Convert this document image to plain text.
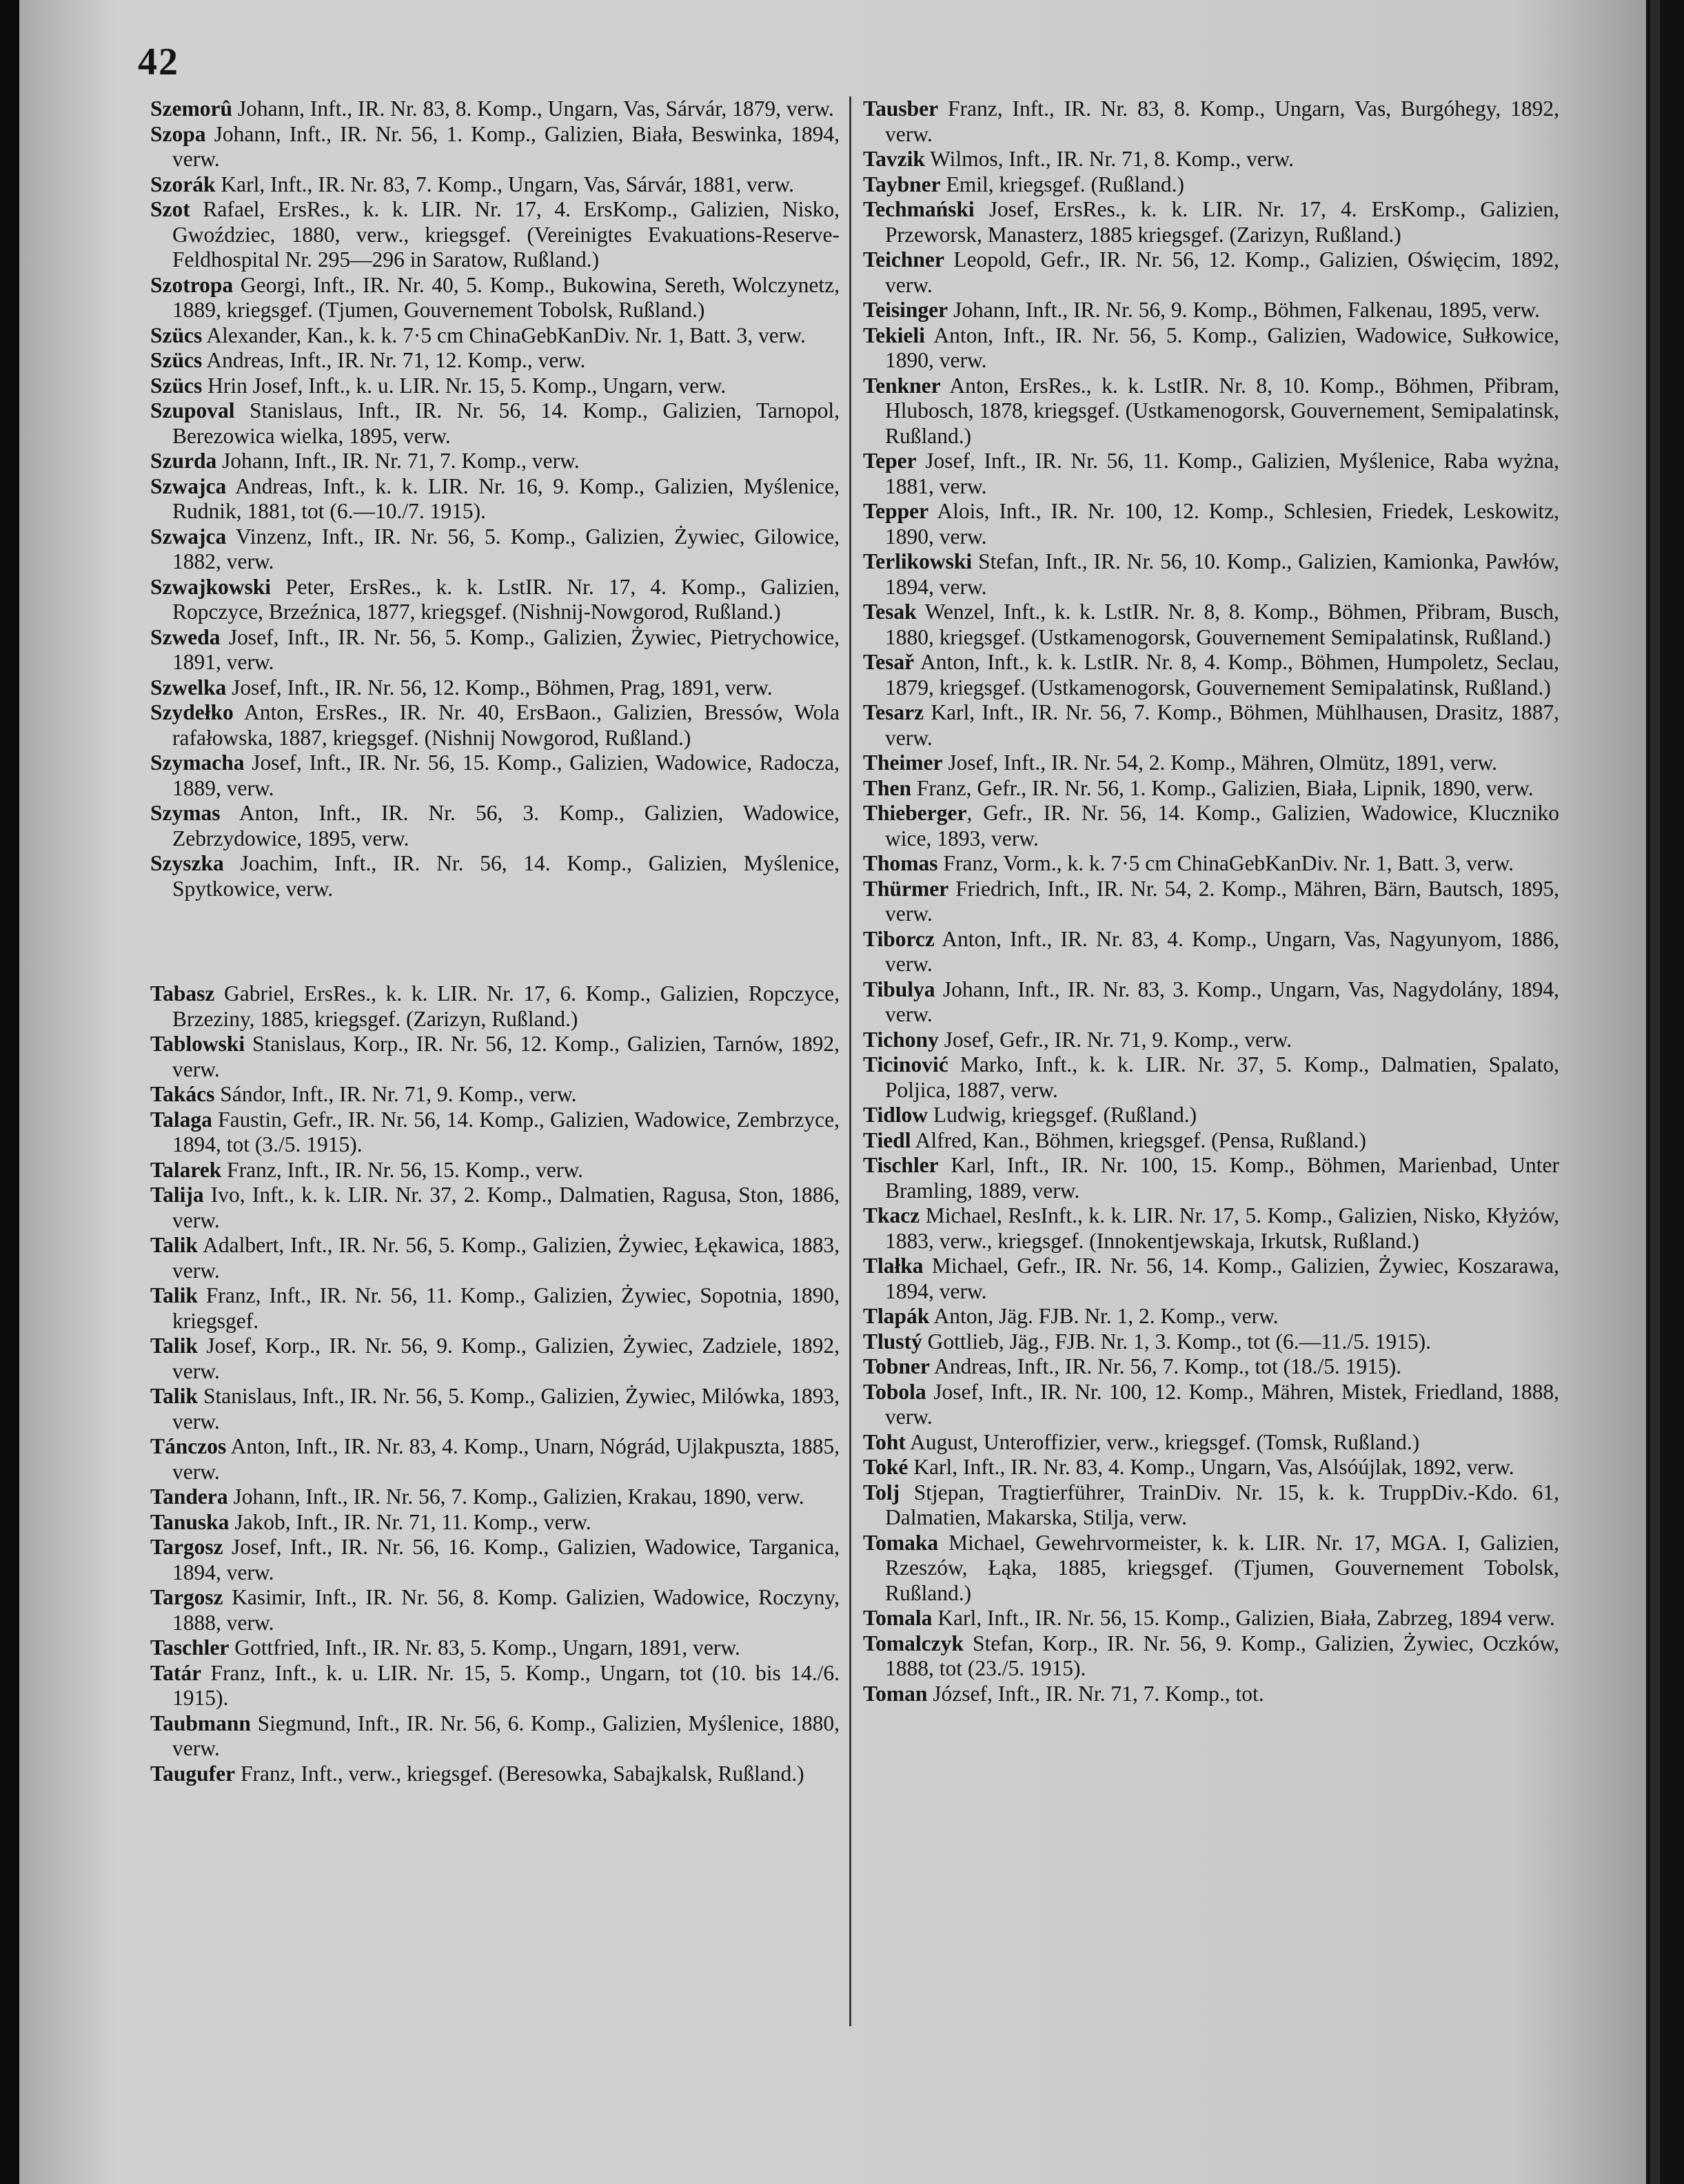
42

Szemorû Johann, Inft., IR. Nr. 83, 8. Komp., Ungarn, Vas, Sárvár, 1879, verw.

Szopa Johann, Inft., IR. Nr. 56, 1. Komp., Galizien, Biała, Beswinka, 1894, verw.

Szorák Karl, Inft., IR. Nr. 83, 7. Komp., Ungarn, Vas, Sárvár, 1881, verw.

Szot Rafael, ErsRes., k. k. LIR. Nr. 17, 4. ErsKomp., Galizien, Nisko, Gwoździec, 1880, verw., kriegsgef. (Vereinigtes Evakuations-Reserve-Feldhospital Nr. 295—296 in Saratow, Rußland.)

Szotropa Georgi, Inft., IR. Nr. 40, 5. Komp., Bukowina, Sereth, Wolczynetz, 1889, kriegsgef. (Tjumen, Gouvernement Tobolsk, Rußland.)

Szücs Alexander, Kan., k. k. 7·5 cm ChinaGebKanDiv. Nr. 1, Batt. 3, verw.

Szücs Andreas, Inft., IR. Nr. 71, 12. Komp., verw.

Szücs Hrin Josef, Inft., k. u. LIR. Nr. 15, 5. Komp., Ungarn, verw.

Szupoval Stanislaus, Inft., IR. Nr. 56, 14. Komp., Galizien, Tarnopol, Berezowica wielka, 1895, verw.

Szurda Johann, Inft., IR. Nr. 71, 7. Komp., verw.

Szwajca Andreas, Inft., k. k. LIR. Nr. 16, 9. Komp., Galizien, Myślenice, Rudnik, 1881, tot (6.—10./7. 1915).

Szwajca Vinzenz, Inft., IR. Nr. 56, 5. Komp., Galizien, Żywiec, Gilowice, 1882, verw.

Szwajkowski Peter, ErsRes., k. k. LstIR. Nr. 17, 4. Komp., Galizien, Ropczyce, Brzeźnica, 1877, kriegsgef. (Nishnij-Nowgorod, Rußland.)

Szweda Josef, Inft., IR. Nr. 56, 5. Komp., Galizien, Żywiec, Pietrychowice, 1891, verw.

Szwelka Josef, Inft., IR. Nr. 56, 12. Komp., Böhmen, Prag, 1891, verw.

Szydełko Anton, ErsRes., IR. Nr. 40, ErsBaon., Galizien, Bressów, Wola rafałowska, 1887, kriegsgef. (Nishnij Nowgorod, Rußland.)

Szymacha Josef, Inft., IR. Nr. 56, 15. Komp., Galizien, Wadowice, Radocza, 1889, verw.

Szymas Anton, Inft., IR. Nr. 56, 3. Komp., Galizien, Wadowice, Zebrzydowice, 1895, verw.

Szyszka Joachim, Inft., IR. Nr. 56, 14. Komp., Galizien, Myślenice, Spytkowice, verw.

Tabasz Gabriel, ErsRes., k. k. LIR. Nr. 17, 6. Komp., Galizien, Ropczyce, Brzeziny, 1885, kriegsgef. (Zarizyn, Rußland.)

Tablowski Stanislaus, Korp., IR. Nr. 56, 12. Komp., Galizien, Tarnów, 1892, verw.

Takács Sándor, Inft., IR. Nr. 71, 9. Komp., verw.

Talaga Faustin, Gefr., IR. Nr. 56, 14. Komp., Galizien, Wadowice, Zembrzyce, 1894, tot (3./5. 1915).

Talarek Franz, Inft., IR. Nr. 56, 15. Komp., verw.

Talija Ivo, Inft., k. k. LIR. Nr. 37, 2. Komp., Dalmatien, Ragusa, Ston, 1886, verw.

Talik Adalbert, Inft., IR. Nr. 56, 5. Komp., Galizien, Żywiec, Łękawica, 1883, verw.

Talik Franz, Inft., IR. Nr. 56, 11. Komp., Galizien, Żywiec, Sopotnia, 1890, kriegsgef.

Talik Josef, Korp., IR. Nr. 56, 9. Komp., Galizien, Żywiec, Zadziele, 1892, verw.

Talik Stanislaus, Inft., IR. Nr. 56, 5. Komp., Galizien, Żywiec, Milówka, 1893, verw.

Tánczos Anton, Inft., IR. Nr. 83, 4. Komp., Unarn, Nógrád, Ujlakpuszta, 1885, verw.

Tandera Johann, Inft., IR. Nr. 56, 7. Komp., Galizien, Krakau, 1890, verw.

Tanuska Jakob, Inft., IR. Nr. 71, 11. Komp., verw.

Targosz Josef, Inft., IR. Nr. 56, 16. Komp., Galizien, Wadowice, Targanica, 1894, verw.

Targosz Kasimir, Inft., IR. Nr. 56, 8. Komp. Galizien, Wadowice, Roczyny, 1888, verw.

Taschler Gottfried, Inft., IR. Nr. 83, 5. Komp., Ungarn, 1891, verw.

Tatár Franz, Inft., k. u. LIR. Nr. 15, 5. Komp., Ungarn, tot (10. bis 14./6. 1915).

Taubmann Siegmund, Inft., IR. Nr. 56, 6. Komp., Galizien, Myślenice, 1880, verw.

Taugufer Franz, Inft., verw., kriegsgef. (Beresowka, Sabajkalsk, Rußland.)

Tausber Franz, Inft., IR. Nr. 83, 8. Komp., Ungarn, Vas, Burgóhegy, 1892, verw.

Tavzik Wilmos, Inft., IR. Nr. 71, 8. Komp., verw.

Taybner Emil, kriegsgef. (Rußland.)

Techmański Josef, ErsRes., k. k. LIR. Nr. 17, 4. ErsKomp., Galizien, Przeworsk, Manasterz, 1885 kriegsgef. (Zarizyn, Rußland.)

Teichner Leopold, Gefr., IR. Nr. 56, 12. Komp., Galizien, Oświęcim, 1892, verw.

Teisinger Johann, Inft., IR. Nr. 56, 9. Komp., Böhmen, Falkenau, 1895, verw.

Tekieli Anton, Inft., IR. Nr. 56, 5. Komp., Galizien, Wadowice, Sułkowice, 1890, verw.

Tenkner Anton, ErsRes., k. k. LstIR. Nr. 8, 10. Komp., Böhmen, Přibram, Hlubosch, 1878, kriegsgef. (Ustkamenogorsk, Gouvernement, Semipalatinsk, Rußland.)

Teper Josef, Inft., IR. Nr. 56, 11. Komp., Galizien, Myślenice, Raba wyżna, 1881, verw.

Tepper Alois, Inft., IR. Nr. 100, 12. Komp., Schlesien, Friedek, Leskowitz, 1890, verw.

Terlikowski Stefan, Inft., IR. Nr. 56, 10. Komp., Galizien, Kamionka, Pawłów, 1894, verw.

Tesak Wenzel, Inft., k. k. LstIR. Nr. 8, 8. Komp., Böhmen, Přibram, Busch, 1880, kriegsgef. (Ustkamenogorsk, Gouvernement Semipalatinsk, Rußland.)

Tesař Anton, Inft., k. k. LstIR. Nr. 8, 4. Komp., Böhmen, Humpoletz, Seclau, 1879, kriegsgef. (Ustkamenogorsk, Gouvernement Semipalatinsk, Rußland.)

Tesarz Karl, Inft., IR. Nr. 56, 7. Komp., Böhmen, Mühlhausen, Drasitz, 1887, verw.

Theimer Josef, Inft., IR. Nr. 54, 2. Komp., Mähren, Olmütz, 1891, verw.

Then Franz, Gefr., IR. Nr. 56, 1. Komp., Galizien, Biała, Lipnik, 1890, verw.

Thieberger, Gefr., IR. Nr. 56, 14. Komp., Galizien, Wadowice, Kluczniko wice, 1893, verw.

Thomas Franz, Vorm., k. k. 7·5 cm ChinaGebKanDiv. Nr. 1, Batt. 3, verw.

Thürmer Friedrich, Inft., IR. Nr. 54, 2. Komp., Mähren, Bärn, Bautsch, 1895, verw.

Tiborcz Anton, Inft., IR. Nr. 83, 4. Komp., Ungarn, Vas, Nagyunyom, 1886, verw.

Tibulya Johann, Inft., IR. Nr. 83, 3. Komp., Ungarn, Vas, Nagydolány, 1894, verw.

Tichony Josef, Gefr., IR. Nr. 71, 9. Komp., verw.

Ticinović Marko, Inft., k. k. LIR. Nr. 37, 5. Komp., Dalmatien, Spalato, Poljica, 1887, verw.

Tidlow Ludwig, kriegsgef. (Rußland.)

Tiedl Alfred, Kan., Böhmen, kriegsgef. (Pensa, Rußland.)

Tischler Karl, Inft., IR. Nr. 100, 15. Komp., Böhmen, Marienbad, Unter Bramling, 1889, verw.

Tkacz Michael, ResInft., k. k. LIR. Nr. 17, 5. Komp., Galizien, Nisko, Kłyżów, 1883, verw., kriegsgef. (Innokentjewskaja, Irkutsk, Rußland.)

Tlałka Michael, Gefr., IR. Nr. 56, 14. Komp., Galizien, Żywiec, Koszarawa, 1894, verw.

Tlapák Anton, Jäg. FJB. Nr. 1, 2. Komp., verw.

Tlustý Gottlieb, Jäg., FJB. Nr. 1, 3. Komp., tot (6.—11./5. 1915).

Tobner Andreas, Inft., IR. Nr. 56, 7. Komp., tot (18./5. 1915).

Tobola Josef, Inft., IR. Nr. 100, 12. Komp., Mähren, Mistek, Friedland, 1888, verw.

Toht August, Unteroffizier, verw., kriegsgef. (Tomsk, Rußland.)

Toké Karl, Inft., IR. Nr. 83, 4. Komp., Ungarn, Vas, Alsóújlak, 1892, verw.

Tolj Stjepan, Tragtierführer, TrainDiv. Nr. 15, k. k. TruppDiv.-Kdo. 61, Dalmatien, Makarska, Stilja, verw.

Tomaka Michael, Gewehrvormeister, k. k. LIR. Nr. 17, MGA. I, Galizien, Rzeszów, Łąka, 1885, kriegsgef. (Tjumen, Gouvernement Tobolsk, Rußland.)

Tomala Karl, Inft., IR. Nr. 56, 15. Komp., Galizien, Biała, Zabrzeg, 1894 verw.

Tomalczyk Stefan, Korp., IR. Nr. 56, 9. Komp., Galizien, Żywiec, Oczków, 1888, tot (23./5. 1915).

Toman József, Inft., IR. Nr. 71, 7. Komp., tot.
